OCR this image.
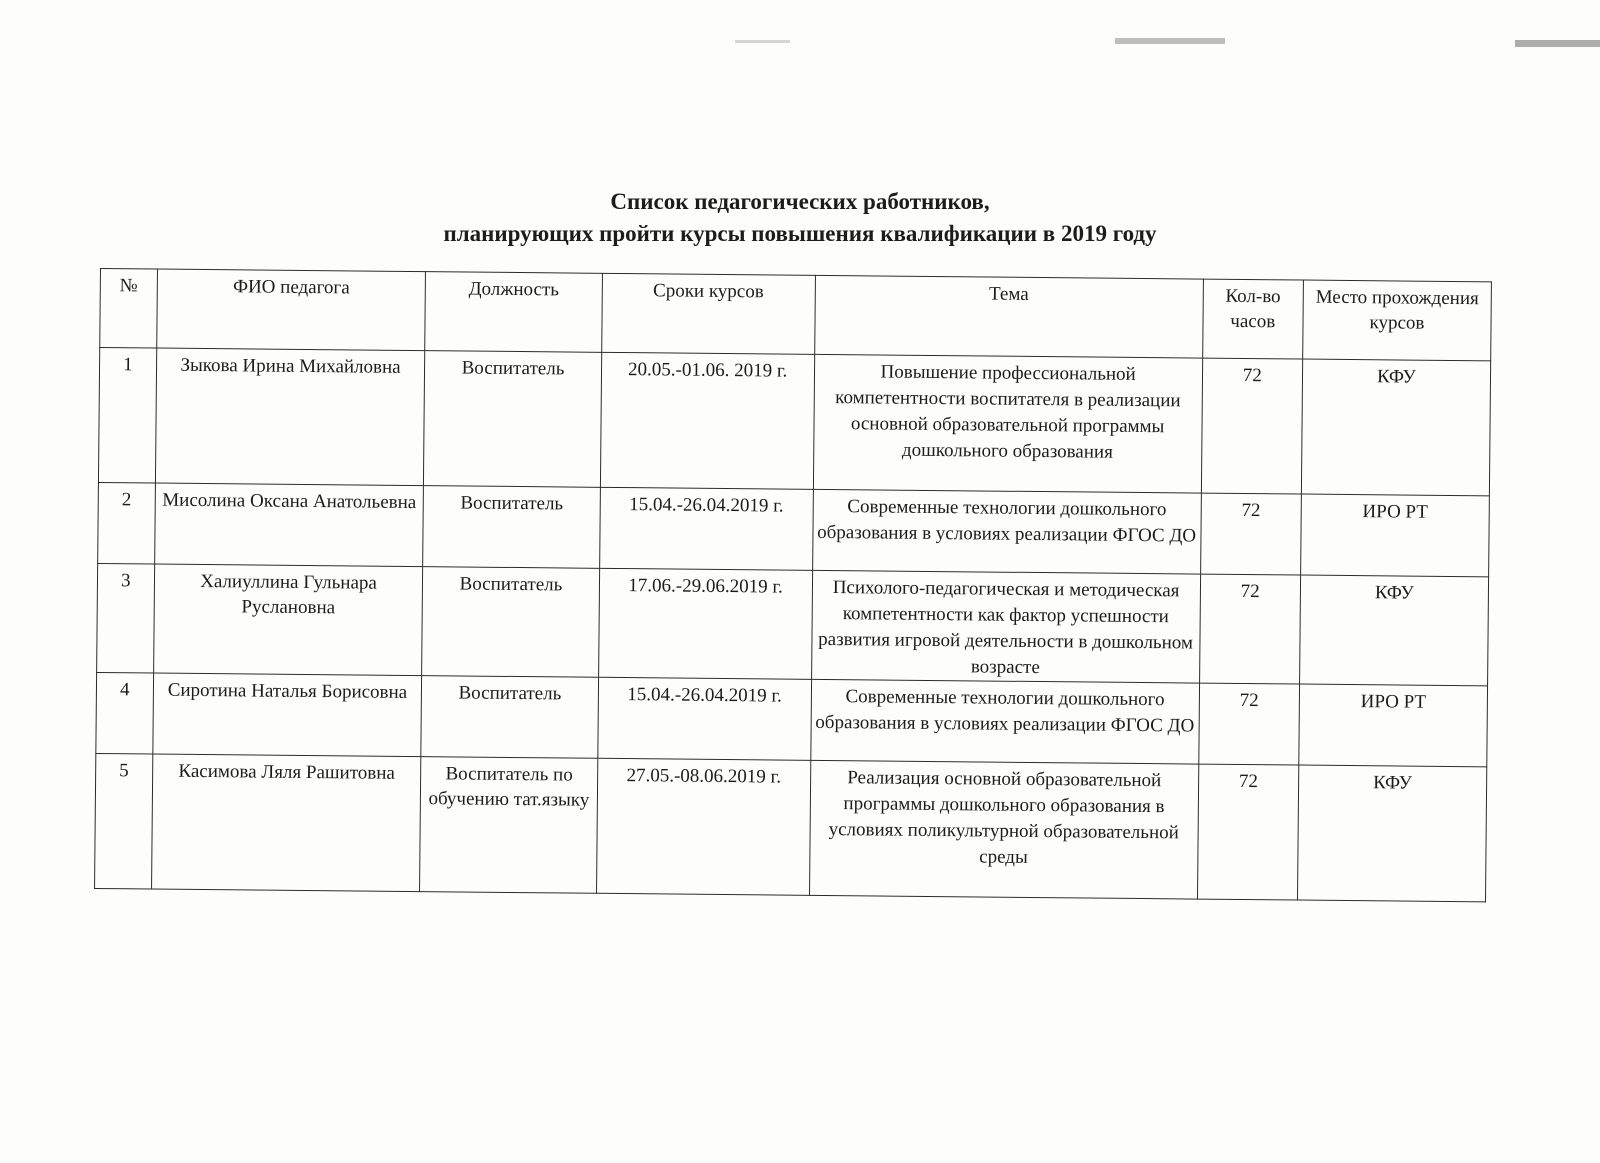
Список педагогических работников,
планирующих пройти курсы повышения квалификации в 2019 году
№	ФИО педагога	Должность	Сроки курсов	Тема	Кол-во часов	Место прохождения курсов
1	Зыкова Ирина Михайловна	Воспитатель	20.05.-01.06. 2019 г.	Повышение профессиональной компетентности воспитателя в реализации основной образовательной программы дошкольного образования	72	КФУ
2	Мисолина Оксана Анатольевна	Воспитатель	15.04.-26.04.2019 г.	Современные технологии дошкольного образования в условиях реализации ФГОС ДО	72	ИРО РТ
3	Халиуллина Гульнара Руслановна	Воспитатель	17.06.-29.06.2019 г.	Психолого-педагогическая и методическая компетентности как фактор успешности развития игровой деятельности в дошкольном возрасте	72	КФУ
4	Сиротина Наталья Борисовна	Воспитатель	15.04.-26.04.2019 г.	Современные технологии дошкольного образования в условиях реализации ФГОС ДО	72	ИРО РТ
5	Касимова Ляля Рашитовна	Воспитатель по обучению тат.языку	27.05.-08.06.2019 г.	Реализация основной образовательной программы дошкольного образования в условиях поликультурной образовательной среды	72	КФУ
